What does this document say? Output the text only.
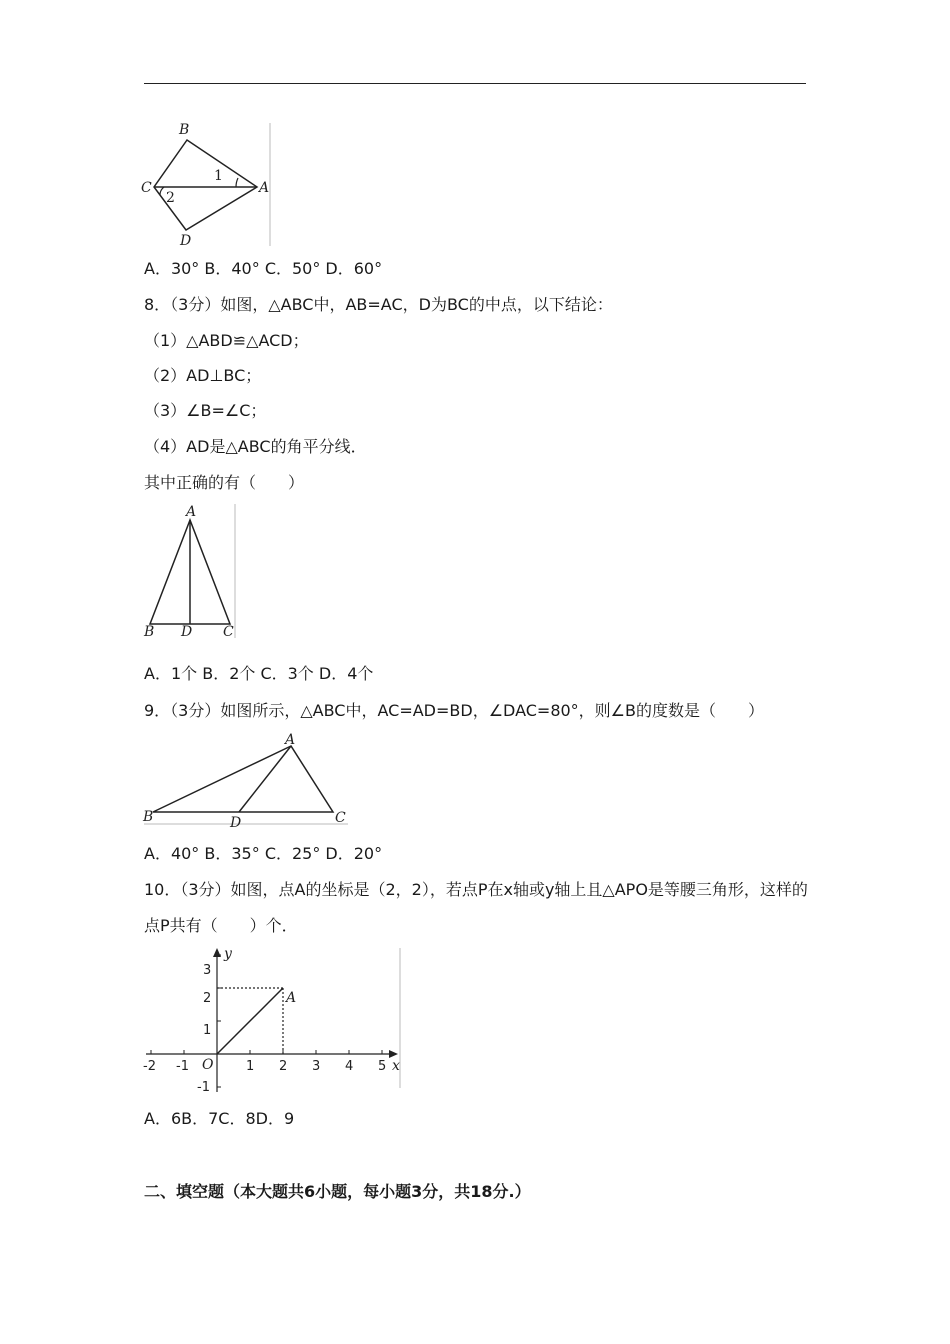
B
C	A
D
1
2
A．30° B．40° C．50° D．60°
8．（3分）如图，△ABC中，AB=AC，D为BC的中点，以下结论：
（1）△ABD≌△ACD；
（2）AD⊥BC；
（3）∠B=∠C；
（4）AD是△ABC的角平分线．
其中正确的有（　　）
A
B D C
A．1个 B．2个 C．3个 D．4个
9．（3分）如图所示，△ABC中，AC=AD=BD，∠DAC=80°，则∠B的度数是（　　）
A
B	D	C
A．40° B．35° C．25° D．20°
10．（3分）如图，点A的坐标是（2，2），若点P在x轴或y轴上且△APO是等腰三角形，这样的点P共有（　　）个．
-2 -1	1 2 3 4 5
3
2
1
-1
O	x
y
A
A．6B．7C．8D．9
二、填空题（本大题共6小题，每小题3分，共18分.）
